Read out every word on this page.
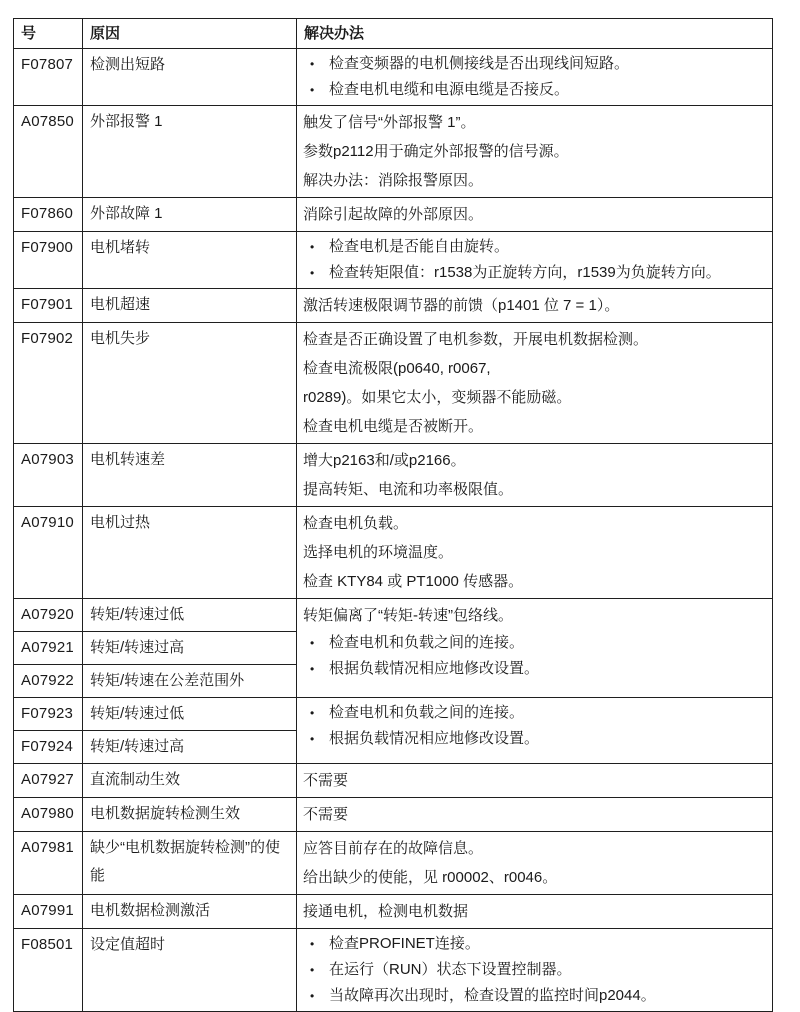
号	原因	解决办法
F07807	检测出短路	• 检查变频器的电机侧接线是否出现线间短路。
• 检查电机电缆和电源电缆是否接反。

A07850	外部报警 1	触发了信号“外部报警 1”。

参数p2112用于确定外部报警的信号源。

解决办法：消除报警原因。

F07860	外部故障 1	消除引起故障的外部原因。

F07900	电机堵转	• 检查电机是否能自由旋转。
• 检查转矩限值：r1538为正旋转方向，r1539为负旋转方向。

F07901	电机超速	激活转速极限调节器的前馈（p1401 位 7 = 1）。

F07902	电机失步	检查是否正确设置了电机参数，开展电机数据检测。

检查电流极限(p0640, r0067,

r0289)。如果它太小，变频器不能励磁。

检查电机电缆是否被断开。

A07903	电机转速差	增大p2163和/或p2166。

提高转矩、电流和功率极限值。

A07910	电机过热	检查电机负载。

选择电机的环境温度。

检查 KTY84 或 PT1000 传感器。

A07920	转矩/转速过低	转矩偏离了“转矩-转速”包络线。

• 检查电机和负载之间的连接。
• 根据负载情况相应地修改设置。

A07921	转矩/转速过高	
A07922	转矩/转速在公差范围外	
F07923	转矩/转速过低	• 检查电机和负载之间的连接。
• 根据负载情况相应地修改设置。

F07924	转矩/转速过高	
A07927	直流制动生效	不需要

A07980	电机数据旋转检测生效	不需要

A07981	缺少“电机数据旋转检测”的使能	应答目前存在的故障信息。

给出缺少的使能，见 r00002、r0046。

A07991	电机数据检测激活	接通电机，检测电机数据

F08501	设定值超时	• 检查PROFINET连接。
• 在运行（RUN）状态下设置控制器。
• 当故障再次出现时，检查设置的监控时间p2044。
